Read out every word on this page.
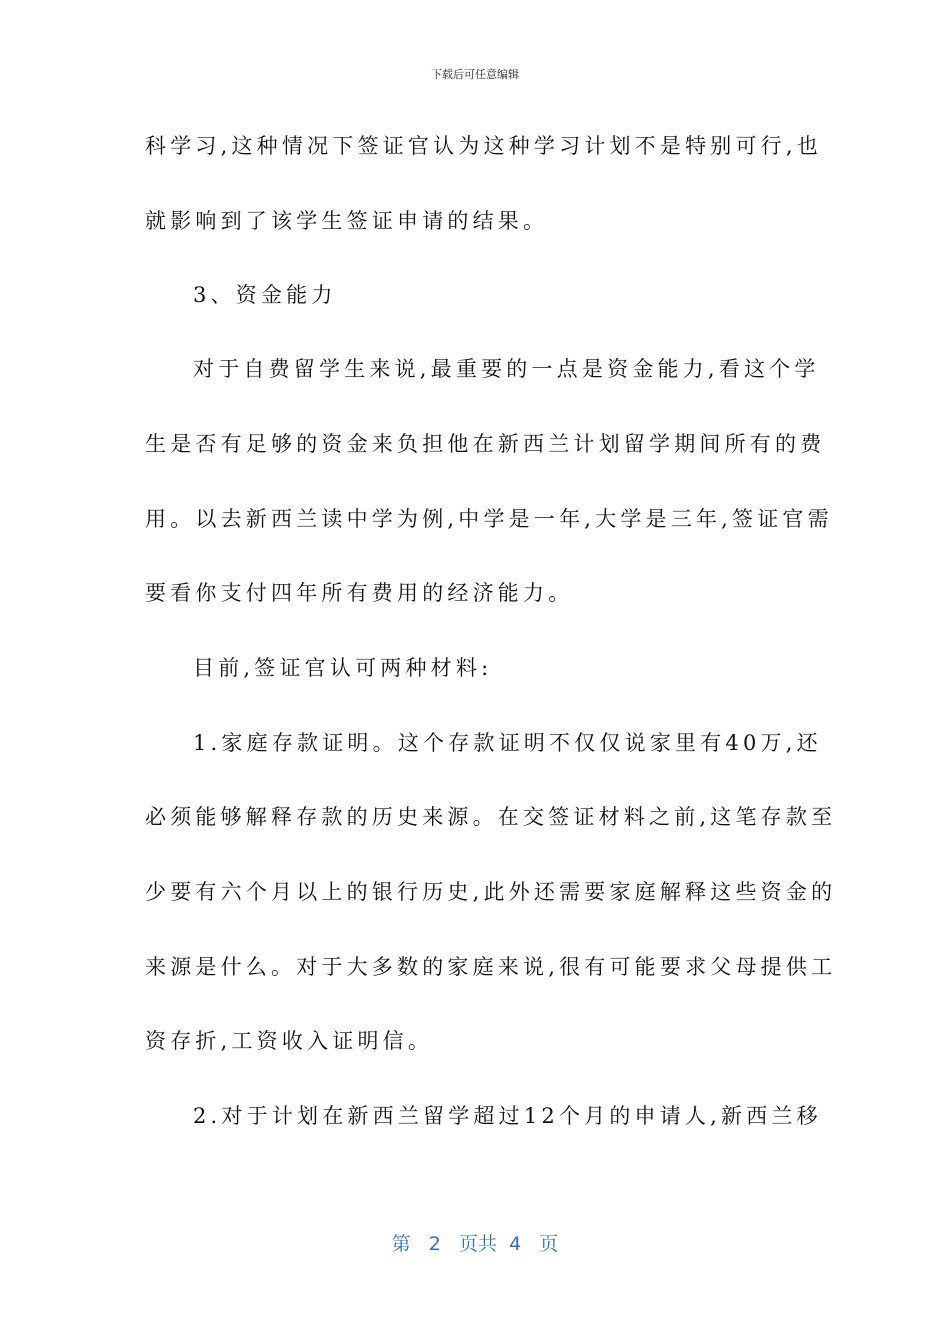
下载后可任意编辑
科学习,这种情况下签证官认为这种学习计划不是特别可行,也
就影响到了该学生签证申请的结果。
3、资金能力
对于自费留学生来说,最重要的一点是资金能力,看这个学
生是否有足够的资金来负担他在新西兰计划留学期间所有的费
用。以去新西兰读中学为例,中学是一年,大学是三年,签证官需
要看你支付四年所有费用的经济能力。
目前,签证官认可两种材料:
1.家庭存款证明。这个存款证明不仅仅说家里有40万,还
必须能够解释存款的历史来源。在交签证材料之前,这笔存款至
少要有六个月以上的银行历史,此外还需要家庭解释这些资金的
来源是什么。对于大多数的家庭来说,很有可能要求父母提供工
资存折,工资收入证明信。
2.对于计划在新西兰留学超过12个月的申请人,新西兰移
第 2 页共 4 页
